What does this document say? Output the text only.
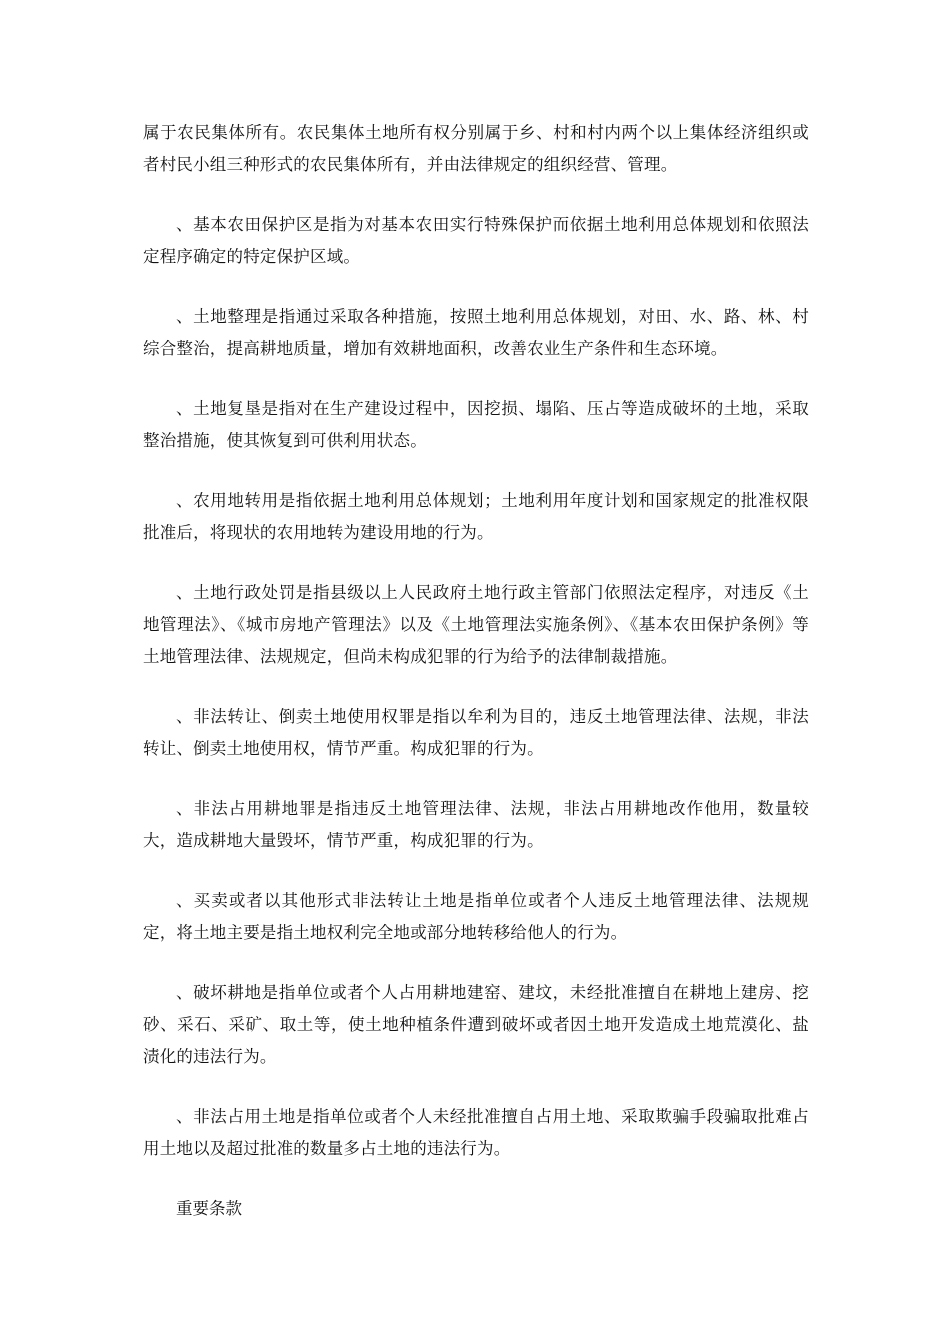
属于农民集体所有。农民集体土地所有权分别属于乡、村和村内两个以上集体经济组织或者村民小组三种形式的农民集体所有，并由法律规定的组织经营、管理。

、基本农田保护区是指为对基本农田实行特殊保护而依据土地利用总体规划和依照法定程序确定的特定保护区域。

、土地整理是指通过采取各种措施，按照土地利用总体规划，对田、水、路、林、村综合整治，提高耕地质量，增加有效耕地面积，改善农业生产条件和生态环境。

、土地复垦是指对在生产建设过程中，因挖损、塌陷、压占等造成破坏的土地，采取整治措施，使其恢复到可供利用状态。

、农用地转用是指依据土地利用总体规划；土地利用年度计划和国家规定的批准权限批准后，将现状的农用地转为建设用地的行为。

、土地行政处罚是指县级以上人民政府土地行政主管部门依照法定程序，对违反《土地管理法》、《城市房地产管理法》以及《土地管理法实施条例》、《基本农田保护条例》等土地管理法律、法规规定，但尚未构成犯罪的行为给予的法律制裁措施。

、非法转让、倒卖土地使用权罪是指以牟利为目的，违反土地管理法律、法规，非法转让、倒卖土地使用权，情节严重。构成犯罪的行为。

、非法占用耕地罪是指违反土地管理法律、法规，非法占用耕地改作他用，数量较大，造成耕地大量毁坏，情节严重，构成犯罪的行为。

、买卖或者以其他形式非法转让土地是指单位或者个人违反土地管理法律、法规规定，将土地主要是指土地权利完全地或部分地转移给他人的行为。

、破坏耕地是指单位或者个人占用耕地建窑、建坟，未经批准擅自在耕地上建房、挖砂、采石、采矿、取土等，使土地种植条件遭到破坏或者因土地开发造成土地荒漠化、盐渍化的违法行为。

、非法占用土地是指单位或者个人未经批准擅自占用土地、采取欺骗手段骗取批难占用土地以及超过批准的数量多占土地的违法行为。

重要条款
